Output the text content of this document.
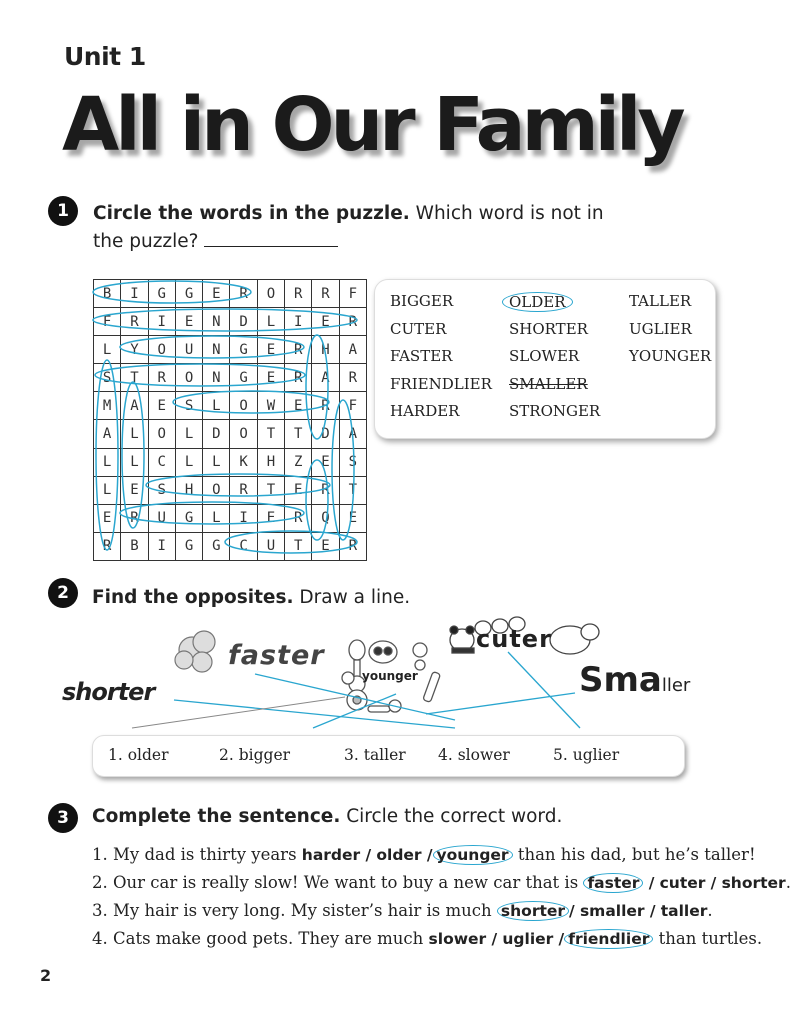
Unit 1
All in Our Family
1	Circle the words in the puzzle. Which word is not in the puzzle?
B	I	G	G	E	R	O	R	R	F
F	R	I	E	N	D	L	I	E	R
L	Y	O	U	N	G	E	R	H	A
S	T	R	O	N	G	E	R	A	R
M	A	E	S	L	O	W	E	R	F
A	L	O	L	D	O	T	T	D	A
L	L	C	L	L	K	H	Z	E	S
L	E	S	H	O	R	T	E	R	T
E	R	U	G	L	I	E	R	Q	E
R	B	I	G	G	C	U	T	E	R
BIGGER	OLDER	TALLER
CUTER	SHORTER	UGLIER
FASTER	SLOWER	YOUNGER
FRIENDLIER SMALLER
HARDER	STRONGER
2	Find the opposites. Draw a line.
faster
younger
cuter
shorter	Smaller
1. older	2. bigger	3. taller 4. slower	5. uglier
3	Complete the sentence. Circle the correct word.
1. My dad is thirty years harder / older / younger than his dad, but he’s taller!
2. Our car is really slow! We want to buy a new car that is faster / cuter / shorter.
3. My hair is very long. My sister’s hair is much shorter / smaller / taller.
4. Cats make good pets. They are much slower / uglier / friendlier than turtles.
2
